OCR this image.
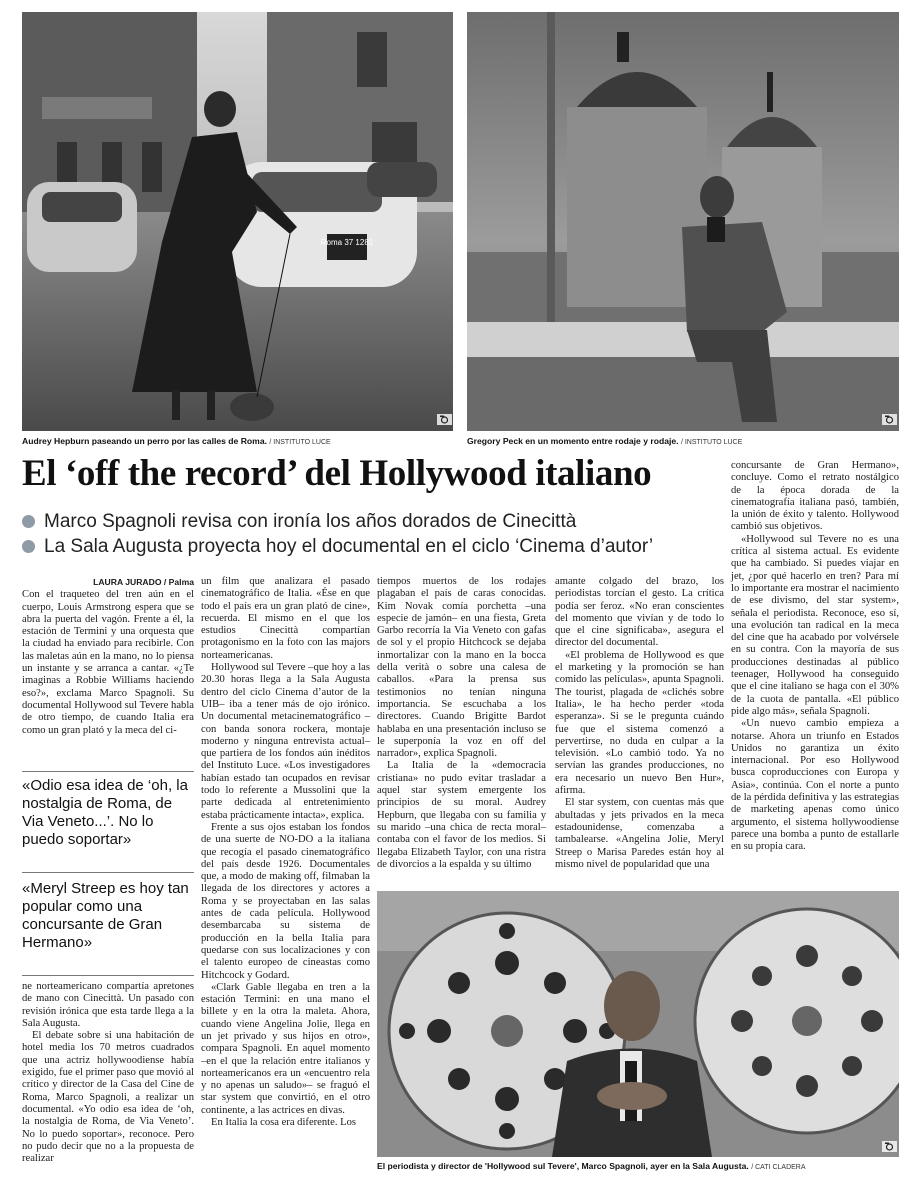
Roma 37 1281
Audrey Hepburn paseando un perro por las calles de Roma. / INSTITUTO LUCE	Gregory Peck en un momento entre rodaje y rodaje. / INSTITUTO LUCE
El ‘off the record’ del Hollywood italiano
Marco Spagnoli revisa con ironía los años dorados de Cinecittà
La Sala Augusta proyecta hoy el documental en el ciclo ‘Cinema d’autor’
LAURA JURADO / Palma

Con el traqueteo del tren aún en el cuerpo, Louis Armstrong espera que se abra la puerta del vagón. Frente a él, la estación de Termini y una orquesta que la ciudad ha enviado para recibirle. Con las maletas aún en la mano, no lo piensa un instante y se arranca a cantar. «¿Te imaginas a Robbie Williams haciendo eso?», exclama Marco Spagnoli. Su documental Hollywood sul Tevere habla de otro tiempo, de cuando Italia era como un gran plató y la meca del ci-

«Odio esa idea de ‘oh, la nostalgia de Roma, de Via Veneto...’. No lo puedo soportar»
«Meryl Streep es hoy tan popular como una concursante de Gran Hermano»

ne norteamericano compartía apretones de mano con Cinecittà. Un pasado con revisión irónica que esta tarde llega a la Sala Augusta.

El debate sobre si una habitación de hotel media los 70 metros cuadrados que una actriz hollywoodiense había exigido, fue el primer paso que movió al crítico y director de la Casa del Cine de Roma, Marco Spagnoli, a realizar un documental. «Yo odio esa idea de ‘oh, la nostalgia de Roma, de Via Veneto’. No lo puedo soportar», reconoce. Pero no pudo decir que no a la propuesta de realizar

un film que analizara el pasado cinematográfico de Italia. «Ése en que todo el país era un gran plató de cine», recuerda. El mismo en el que los estudios Cinecittà compartían protagonismo en la foto con las majors norteamericanas.

Hollywood sul Tevere –que hoy a las 20.30 horas llega a la Sala Augusta dentro del ciclo Cinema d’autor de la UIB– iba a tener más de ojo irónico. Un documental metacinematográfico –con banda sonora rockera, montaje moderno y ninguna entrevista actual– que partiera de los fondos aún inéditos del Instituto Luce. «Los investigadores habían estado tan ocupados en revisar todo lo referente a Mussolini que la parte dedicada al entretenimiento estaba prácticamente intacta», explica.

Frente a sus ojos estaban los fondos de una suerte de NO-DO a la italiana que recogía el pasado cinematográfico del país desde 1926. Documentales que, a modo de making off, filmaban la llegada de los directores y actores a Roma y se proyectaban en las salas antes de cada película. Hollywood desembarcaba su sistema de producción en la bella Italia para quedarse con sus localizaciones y con el talento europeo de cineastas como Hitchcock y Godard.

«Clark Gable llegaba en tren a la estación Termini: en una mano el billete y en la otra la maleta. Ahora, cuando viene Angelina Jolie, llega en un jet privado y sus hijos en otro», compara Spagnoli. En aquel momento –en el que la relación entre italianos y norteamericanos era un «encuentro rela y no apenas un saludo»– se fraguó el star system que convirtió, en el otro continente, a las actrices en divas.

En Italia la cosa era diferente. Los

tiempos muertos de los rodajes plagaban el país de caras conocidas. Kim Novak comía porchetta –una especie de jamón– en una fiesta, Greta Garbo recorría la Via Veneto con gafas de sol y el propio Hitchcock se dejaba inmortalizar con la mano en la bocca della verità o sobre una calesa de caballos. «Para la prensa sus testimonios no tenían ninguna importancia. Se escuchaba a los directores. Cuando Brigitte Bardot hablaba en una presentación incluso se le superponía la voz en off del narrador», explica Spagnoli.

La Italia de la «democracia cristiana» no pudo evitar trasladar a aquel star system emergente los principios de su moral. Audrey Hepburn, que llegaba con su familia y su marido –una chica de recta moral– contaba con el favor de los medios. Si llegaba Elizabeth Taylor, con una ristra de divorcios a la espalda y su último

amante colgado del brazo, los periodistas torcían el gesto. La crítica podía ser feroz. «No eran conscientes del momento que vivían y de todo lo que el cine significaba», asegura el director del documental.

«El problema de Hollywood es que el marketing y la promoción se han comido las películas», apunta Spagnoli. The tourist, plagada de «clichés sobre Italia», le ha hecho perder «toda esperanza». Si se le pregunta cuándo fue que el sistema comenzó a pervertirse, no duda en culpar a la televisión. «Lo cambió todo. Ya no servían las grandes producciones, no era necesario un nuevo Ben Hur», afirma.

El star system, con cuentas más que abultadas y jets privados en la meca estadounidense, comenzaba a tambalearse. «Angelina Jolie, Meryl Streep o Marisa Paredes están hoy al mismo nivel de popularidad que una

concursante de Gran Hermano», concluye. Como el retrato nostálgico de la época dorada de la cinematografía italiana pasó, también, la unión de éxito y talento. Hollywood cambió sus objetivos.

«Hollywood sul Tevere no es una crítica al sistema actual. Es evidente que ha cambiado. Si puedes viajar en jet, ¿por qué hacerlo en tren? Para mí lo importante era mostrar el nacimiento de ese divismo, del star system», señala el periodista. Reconoce, eso sí, una evolución tan radical en la meca del cine que ha acabado por volvérsele en su contra. Con la mayoría de sus producciones destinadas al público teenager, Hollywood ha conseguido que el cine italiano se haga con el 30% de la cuota de pantalla. «El público pide algo más», señala Spagnoli.

«Un nuevo cambio empieza a notarse. Ahora un triunfo en Estados Unidos no garantiza un éxito internacional. Por eso Hollywood busca coproducciones con Europa y Asia», continúa. Con el norte a punto de la pérdida definitiva y las estrategias de marketing apenas como único argumento, el sistema hollywoodiense parece una bomba a punto de estallarle en su propia cara.

El periodista y director de 'Hollywood sul Tevere', Marco Spagnoli, ayer en la Sala Augusta. / CATI CLADERA
